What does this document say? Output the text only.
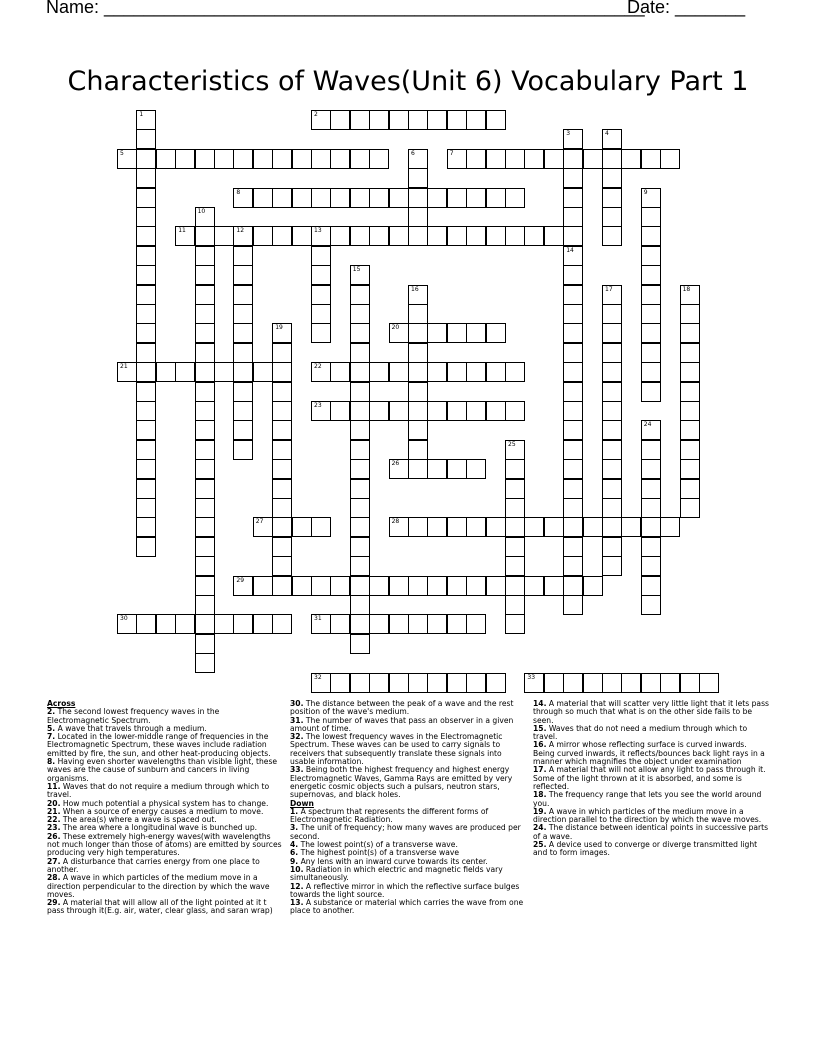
Name: ______________________________________________________
Date: _______
Characteristics of Waves(Unit 6) Vocabulary Part 1
1	2
3
14
4
5	6	7
8	9
10
11	12	13
15
16	17	18
19	20
21	22
23
24
25
26
27	28
29
30	31
32	33

Across

2. The second lowest frequency waves in the Electromagnetic Spectrum.

5. A wave that travels through a medium.

7. Located in the lower-middle range of frequencies in the Electromagnetic Spectrum, these waves include radiation emitted by fire, the sun, and other heat-producing objects.

8. Having even shorter wavelengths than visible light, these waves are the cause of sunburn and cancers in living organisms.

11. Waves that do not require a medium through which to travel.

20. How much potential a physical system has to change.

21. When a source of energy causes a medium to move.

22. The area(s) where a wave is spaced out.

23. The area where a longitudinal wave is bunched up.

26. These extremely high-energy waves(with wavelengths not much longer than those of atoms) are emitted by sources producing very high temperatures.

27. A disturbance that carries energy from one place to another.

28. A wave in which particles of the medium move in a direction perpendicular to the direction by which the wave moves.

29. A material that will allow all of the light pointed at it t pass through it(E.g. air, water, clear glass, and saran wrap)

30. The distance between the peak of a wave and the rest position of the wave's medium.

31. The number of waves that pass an observer in a given amount of time.

32. The lowest frequency waves in the Electromagnetic Spectrum. These waves can be used to carry signals to receivers that subsequently translate these signals into usable information.

33. Being both the highest frequency and highest energy Electromagnetic Waves, Gamma Rays are emitted by very energetic cosmic objects such a pulsars, neutron stars, supernovas, and black holes.

Down

1. A spectrum that represents the different forms of Electromagnetic Radiation.

3. The unit of frequency; how many waves are produced per second.

4. The lowest point(s) of a transverse wave.

6. The highest point(s) of a transverse wave

9. Any lens with an inward curve towards its center.

10. Radiation in which electric and magnetic fields vary simultaneously.

12. A reflective mirror in which the reflective surface bulges towards the light source.

13. A substance or material which carries the wave from one place to another.

14. A material that will scatter very little light that it lets pass through so much that what is on the other side fails to be seen.

15. Waves that do not need a medium through which to travel.

16. A mirror whose reflecting surface is curved inwards. Being curved inwards, it reflects/bounces back light rays in a manner which magnifies the object under examination

17. A material that will not allow any light to pass through it. Some of the light thrown at it is absorbed, and some is reflected.

18. The frequency range that lets you see the world around you.

19. A wave in which particles of the medium move in a direction parallel to the direction by which the wave moves.

24. The distance between identical points in successive parts of a wave.

25. A device used to converge or diverge transmitted light and to form images.
